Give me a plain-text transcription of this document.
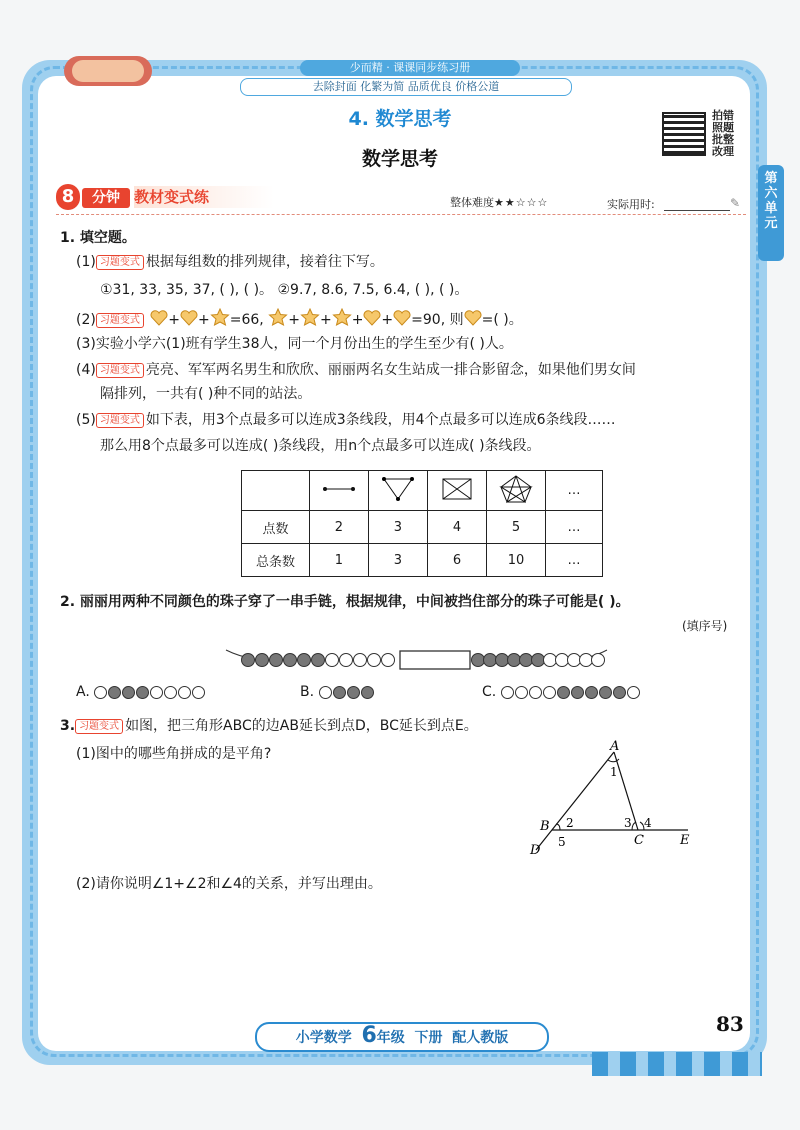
少而精 · 课课同步练习册
去除封面 化繁为简 品质优良 价格公道
4. 数学思考
数学思考
拍错
照题
批整
改理
第
六
单
元
8	分钟 教材变式练	整体难度★★☆☆☆	实际用时:	✎
1. 填空题。
(1) 习题变式 根据每组数的排列规律，接着往下写。
①31, 33, 35, 37, ( ), ( )。 ②9.7, 8.6, 7.5, 6.4, ( ), ( )。
(2) 习题变式 + + =66, + + + + =90, 则 =( )。
(3)实验小学六(1)班有学生38人，同一个月份出生的学生至少有( )人。
(4) 习题变式 亮亮、军军两名男生和欣欣、丽丽两名女生站成一排合影留念，如果他们男女间
隔排列，一共有( )种不同的站法。
(5) 习题变式 如下表，用3个点最多可以连成3条线段，用4个点最多可以连成6条线段……
那么用8个点最多可以连成( )条线段，用n个点最多可以连成( )条线段。
					…
点数	2	3	4	5	…
总条数	1	3	6	10	…
2. 丽丽用两种不同颜色的珠子穿了一串手链，根据规律，中间被挡住部分的珠子可能是( )。
(填序号)
A.	B.	C.
3. 习题变式 如图，把三角形ABC的边AB延长到点D，BC延长到点E。
(1)图中的哪些角拼成的是平角?	A
B
C
D
E
1
2	3 4
5
(2)请你说明∠1+∠2和∠4的关系，并写出理由。
小学数学 6年级 下册 配人教版
83
